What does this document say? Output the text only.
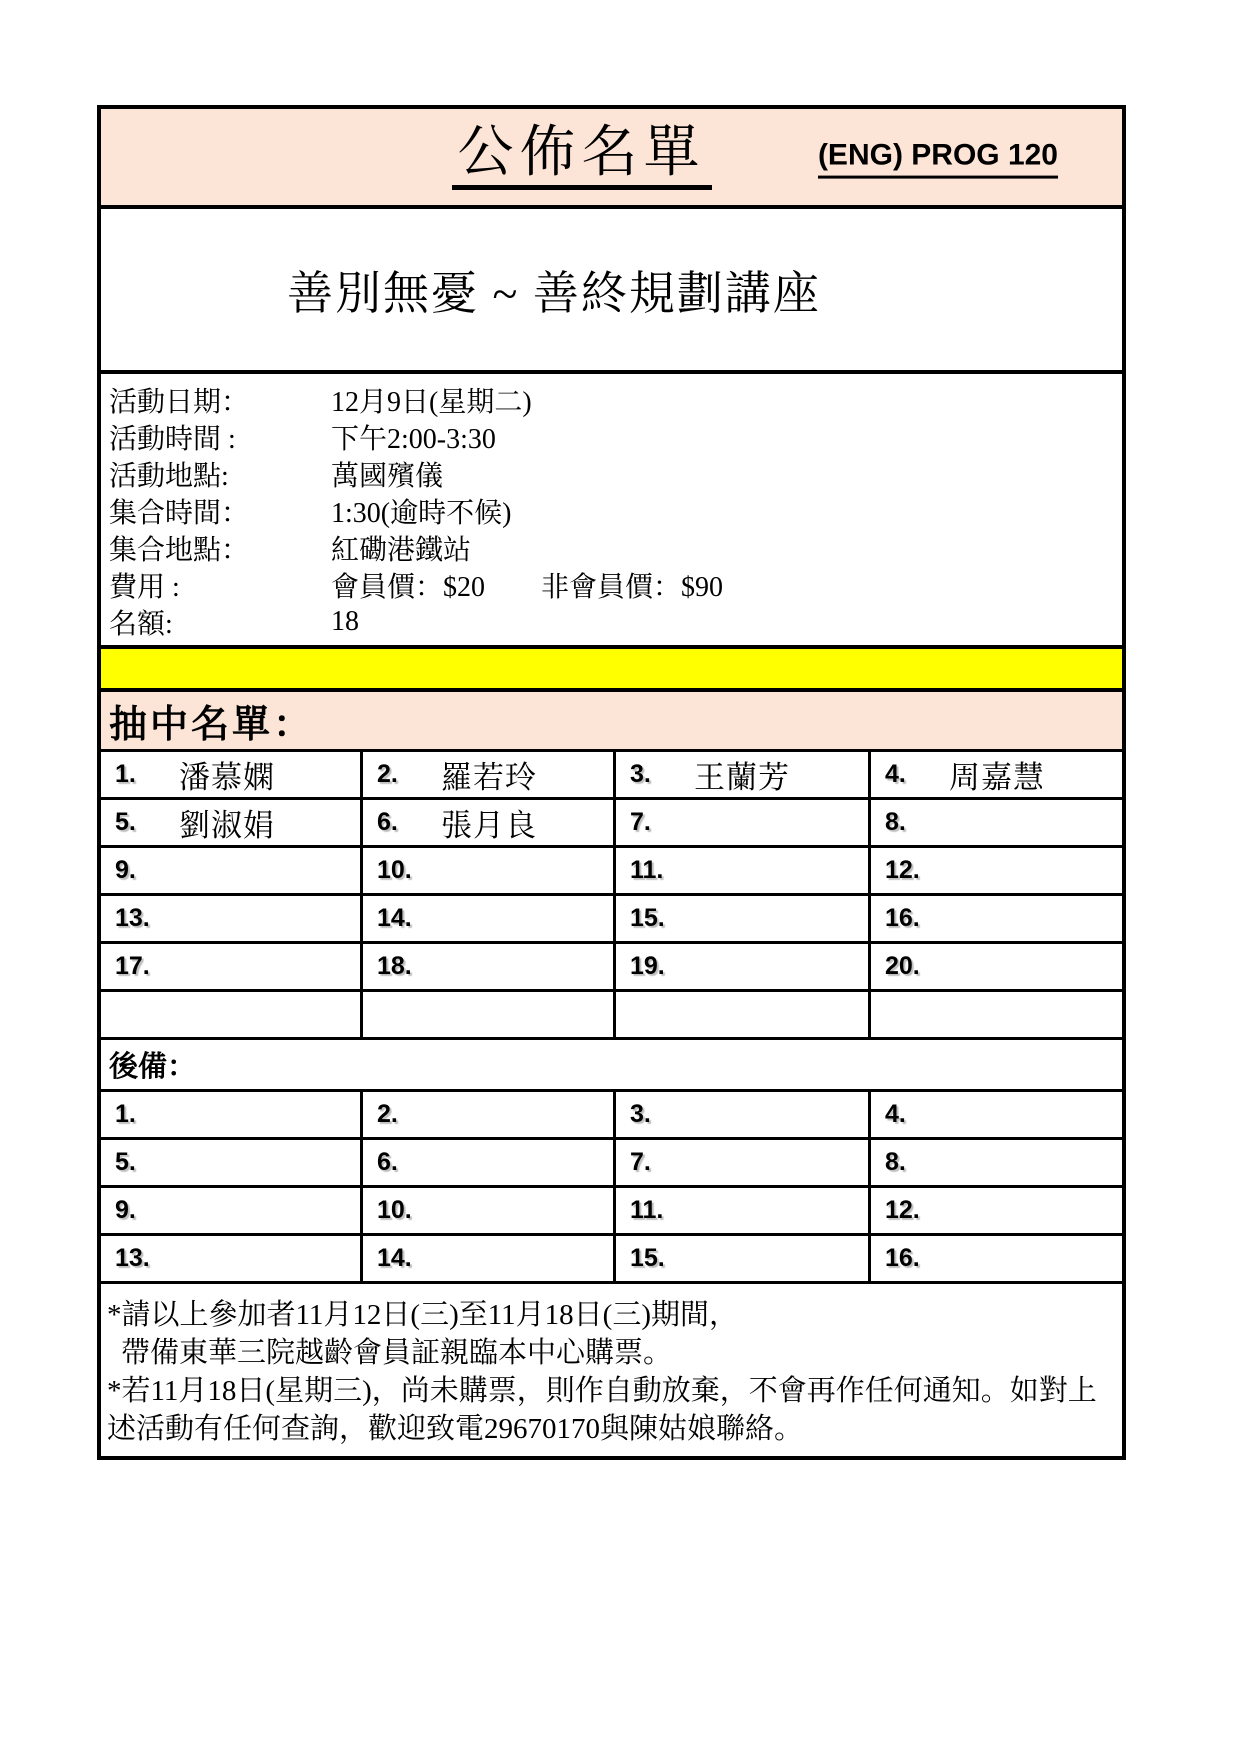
公佈名單	(ENG) PROG 120
善別無憂 ~ 善終規劃講座
活動日期：	12月9日(星期二)
活動時間 :	下午2:00-3:30
活動地點:	萬國殯儀
集合時間：	1:30(逾時不候)
集合地點：	紅磡港鐵站
費用 :	會員價：$20　　非會員價：$90
名額:	18
抽中名單：
1.	潘慕嫻	2.	羅若玲	3.	王蘭芳	4.	周嘉慧
5.	劉淑娟	6.	張月良	7.	8.
9.	10.	11.	12.
13.	14.	15.	16.
17.	18.	19.	20.
後備：
1.	2.	3.	4.
5.	6.	7.	8.
9.	10.	11.	12.
13.	14.	15.	16.
*請以上參加者11月12日(三)至11月18日(三)期間，
帶備東華三院越齡會員証親臨本中心購票。
*若11月18日(星期三)，尚未購票，則作自動放棄，不會再作任何通知。如對上
述活動有任何查詢，歡迎致電29670170與陳姑娘聯絡。
